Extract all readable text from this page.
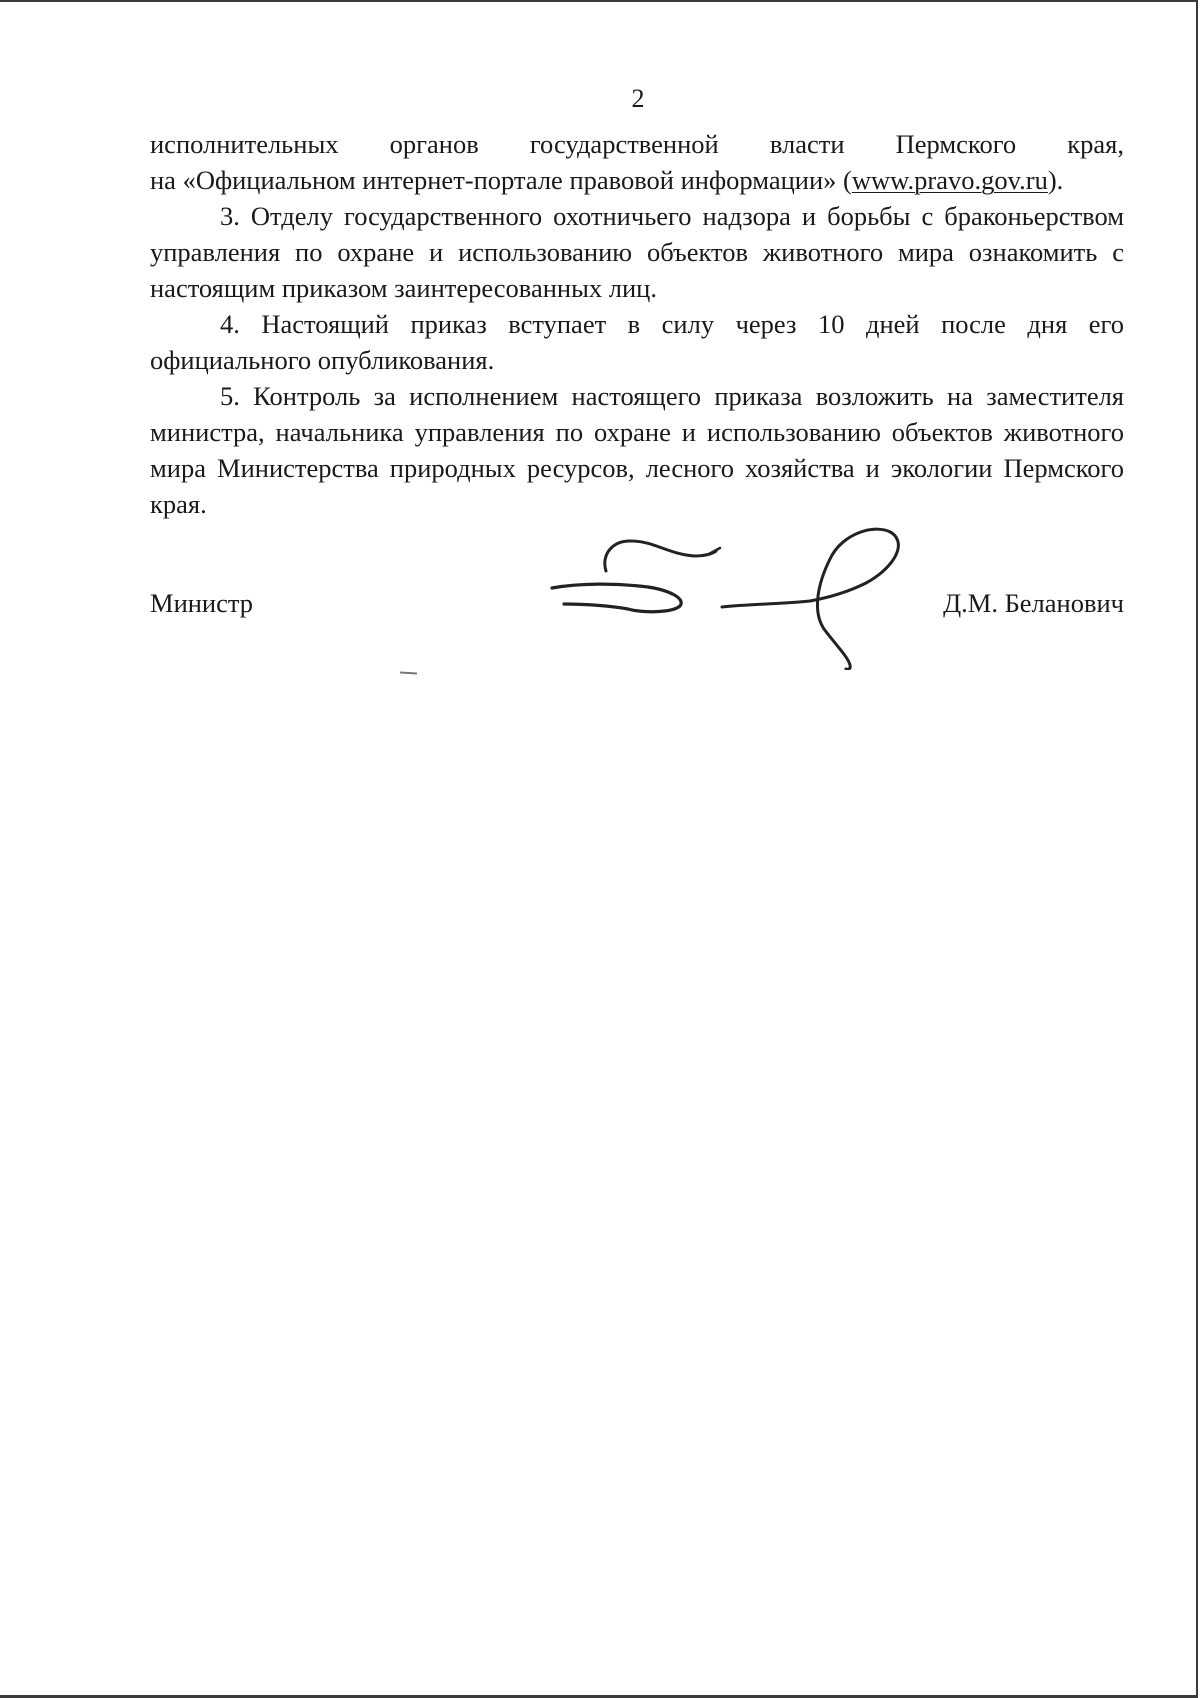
2

исполнительных органов государственной власти Пермского края,
на «Официальном интернет-портале правовой информации» (www.pravo.gov.ru).

3. Отделу государственного охотничьего надзора и борьбы с браконьерством управления по охране и использованию объектов животного мира ознакомить с настоящим приказом заинтересованных лиц.

4. Настоящий приказ вступает в силу через 10 дней после дня его официального опубликования.

5. Контроль за исполнением настоящего приказа возложить на заместителя министра, начальника управления по охране и использованию объектов животного мира Министерства природных ресурсов, лесного хозяйства и экологии Пермского края.

Министр	Д.М. Беланович
